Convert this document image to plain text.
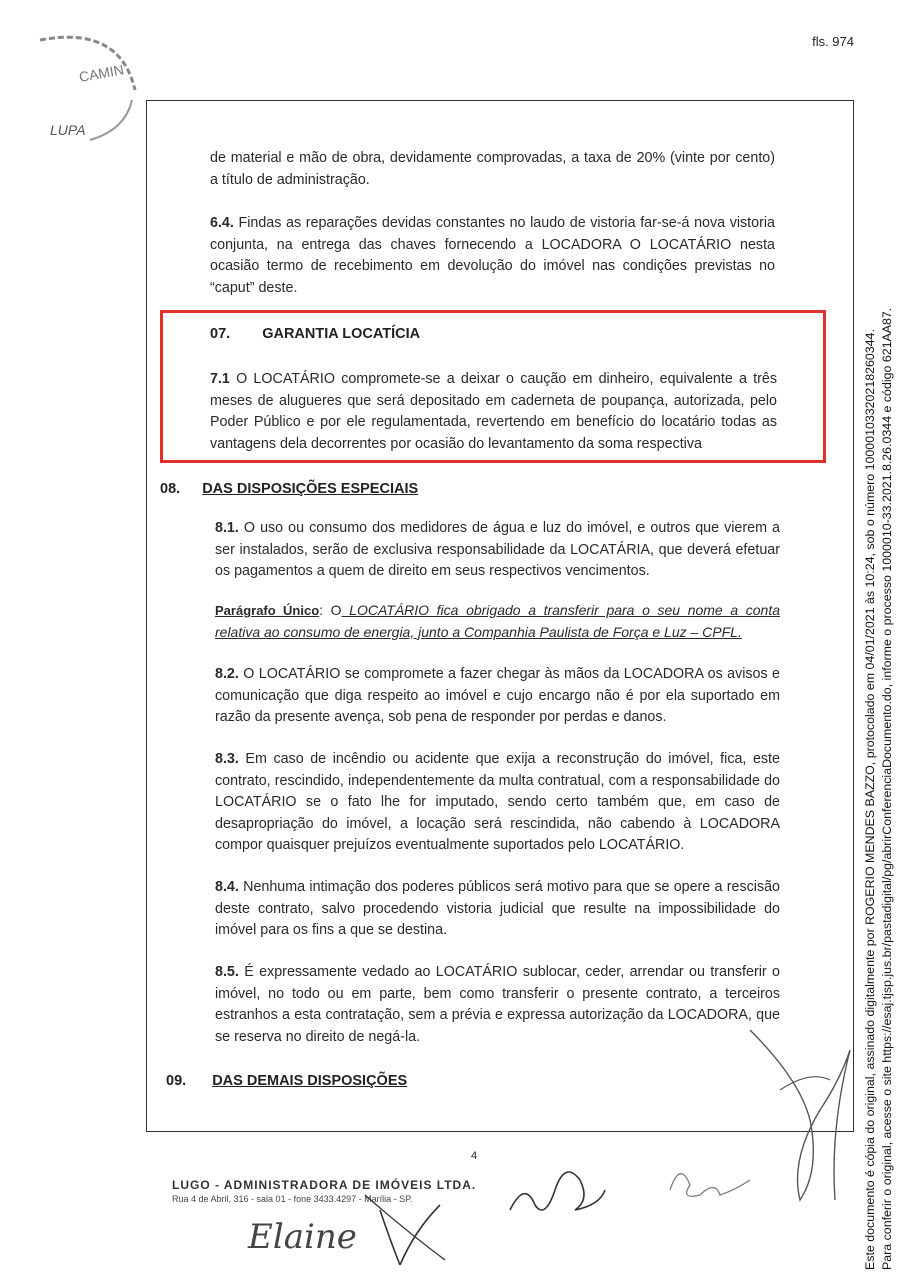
fls. 974
CAMIN
LUPA
de material e mão de obra, devidamente comprovadas, a taxa de 20% (vinte por cento) a título de administração.
6.4. Findas as reparações devidas constantes no laudo de vistoria far-se-á nova vistoria conjunta, na entrega das chaves fornecendo a LOCADORA O LOCATÁRIO nesta ocasião termo de recebimento em devolução do imóvel nas condições previstas no “caput” deste.
07. GARANTIA LOCATÍCIA
7.1 O LOCATÁRIO compromete-se a deixar o caução em dinheiro, equivalente a três meses de alugueres que será depositado em caderneta de poupança, autorizada, pelo Poder Público e por ele regulamentada, revertendo em benefício do locatário todas as vantagens dela decorrentes por ocasião do levantamento da soma respectiva
08. DAS DISPOSIÇÕES ESPECIAIS
8.1. O uso ou consumo dos medidores de água e luz do imóvel, e outros que vierem a ser instalados, serão de exclusiva responsabilidade da LOCATÁRIA, que deverá efetuar os pagamentos a quem de direito em seus respectivos vencimentos.
Parágrafo Único: O LOCATÁRIO fica obrigado a transferir para o seu nome a conta relativa ao consumo de energia, junto a Companhia Paulista de Força e Luz – CPFL.
8.2. O LOCATÁRIO se compromete a fazer chegar às mãos da LOCADORA os avisos e comunicação que diga respeito ao imóvel e cujo encargo não é por ela suportado em razão da presente avença, sob pena de responder por perdas e danos.
8.3. Em caso de incêndio ou acidente que exija a reconstrução do imóvel, fica, este contrato, rescindido, independentemente da multa contratual, com a responsabilidade do LOCATÁRIO se o fato lhe for imputado, sendo certo também que, em caso de desapropriação do imóvel, a locação será rescindida, não cabendo à LOCADORA compor quaisquer prejuízos eventualmente suportados pelo LOCATÁRIO.
8.4. Nenhuma intimação dos poderes públicos será motivo para que se opere a rescisão deste contrato, salvo procedendo vistoria judicial que resulte na impossibilidade do imóvel para os fins a que se destina.
8.5. É expressamente vedado ao LOCATÁRIO sublocar, ceder, arrendar ou transferir o imóvel, no todo ou em parte, bem como transferir o presente contrato, a terceiros estranhos a esta contratação, sem a prévia e expressa autorização da LOCADORA, que se reserva no direito de negá-la.
09. DAS DEMAIS DISPOSIÇÕES
LUGO - ADMINISTRADORA DE IMÓVEIS LTDA.
Rua 4 de Abril, 316 - sala 01 - fone 3433.4297 - Marília - SP.
4
Elaine	Este documento é cópia do original, assinado digitalmente por ROGERIO MENDES BAZZO, protocolado em 04/01/2021 às 10:24, sob o número 10000103320218260344. Para conferir o original, acesse o site https://esaj.tjsp.jus.br/pastadigital/pg/abrirConferenciaDocumento.do, informe o processo 1000010-33.2021.8.26.0344 e código 621AA87.
